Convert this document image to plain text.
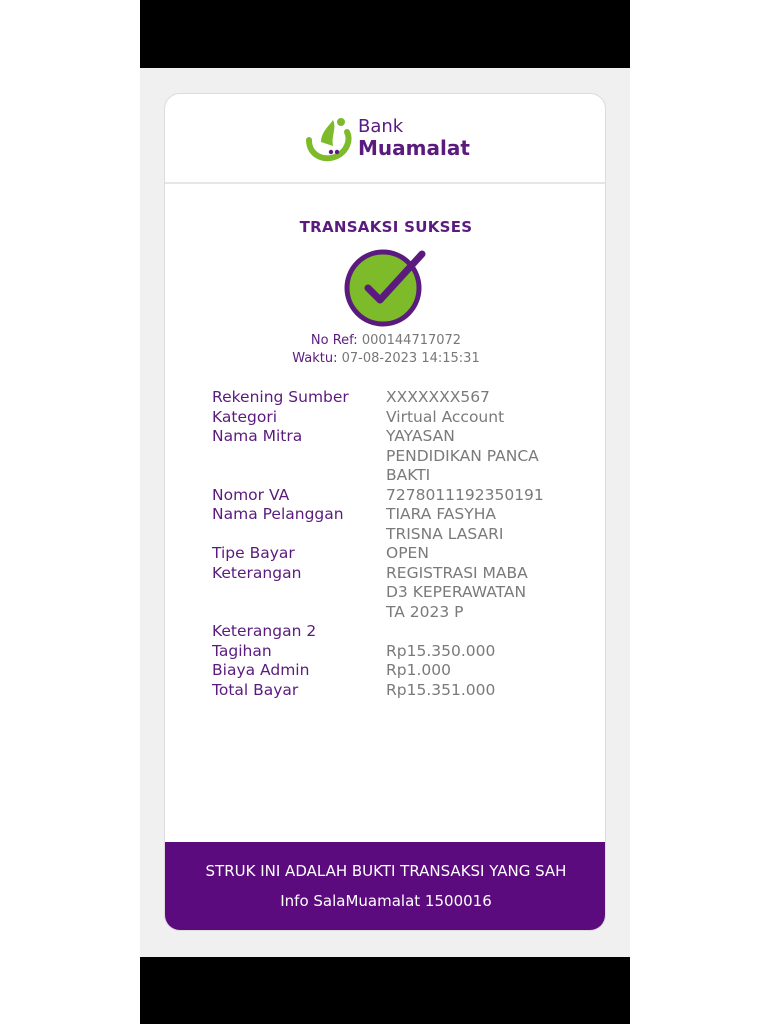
Bank
Muamalat
TRANSAKSI SUKSES
No Ref: 000144717072
Waktu: 07-08-2023 14:15:31
Rekening Sumber	XXXXXXX567
Kategori	Virtual Account
Nama Mitra	YAYASAN
PENDIDIKAN PANCA
BAKTI
Nomor VA	7278011192350191
Nama Pelanggan	TIARA FASYHA
TRISNA LASARI
Tipe Bayar	OPEN
Keterangan	REGISTRASI MABA
D3 KEPERAWATAN
TA 2023 P
Keterangan 2
Tagihan	Rp15.350.000
Biaya Admin	Rp1.000
Total Bayar	Rp15.351.000
STRUK INI ADALAH BUKTI TRANSAKSI YANG SAH
Info SalaMuamalat 1500016
